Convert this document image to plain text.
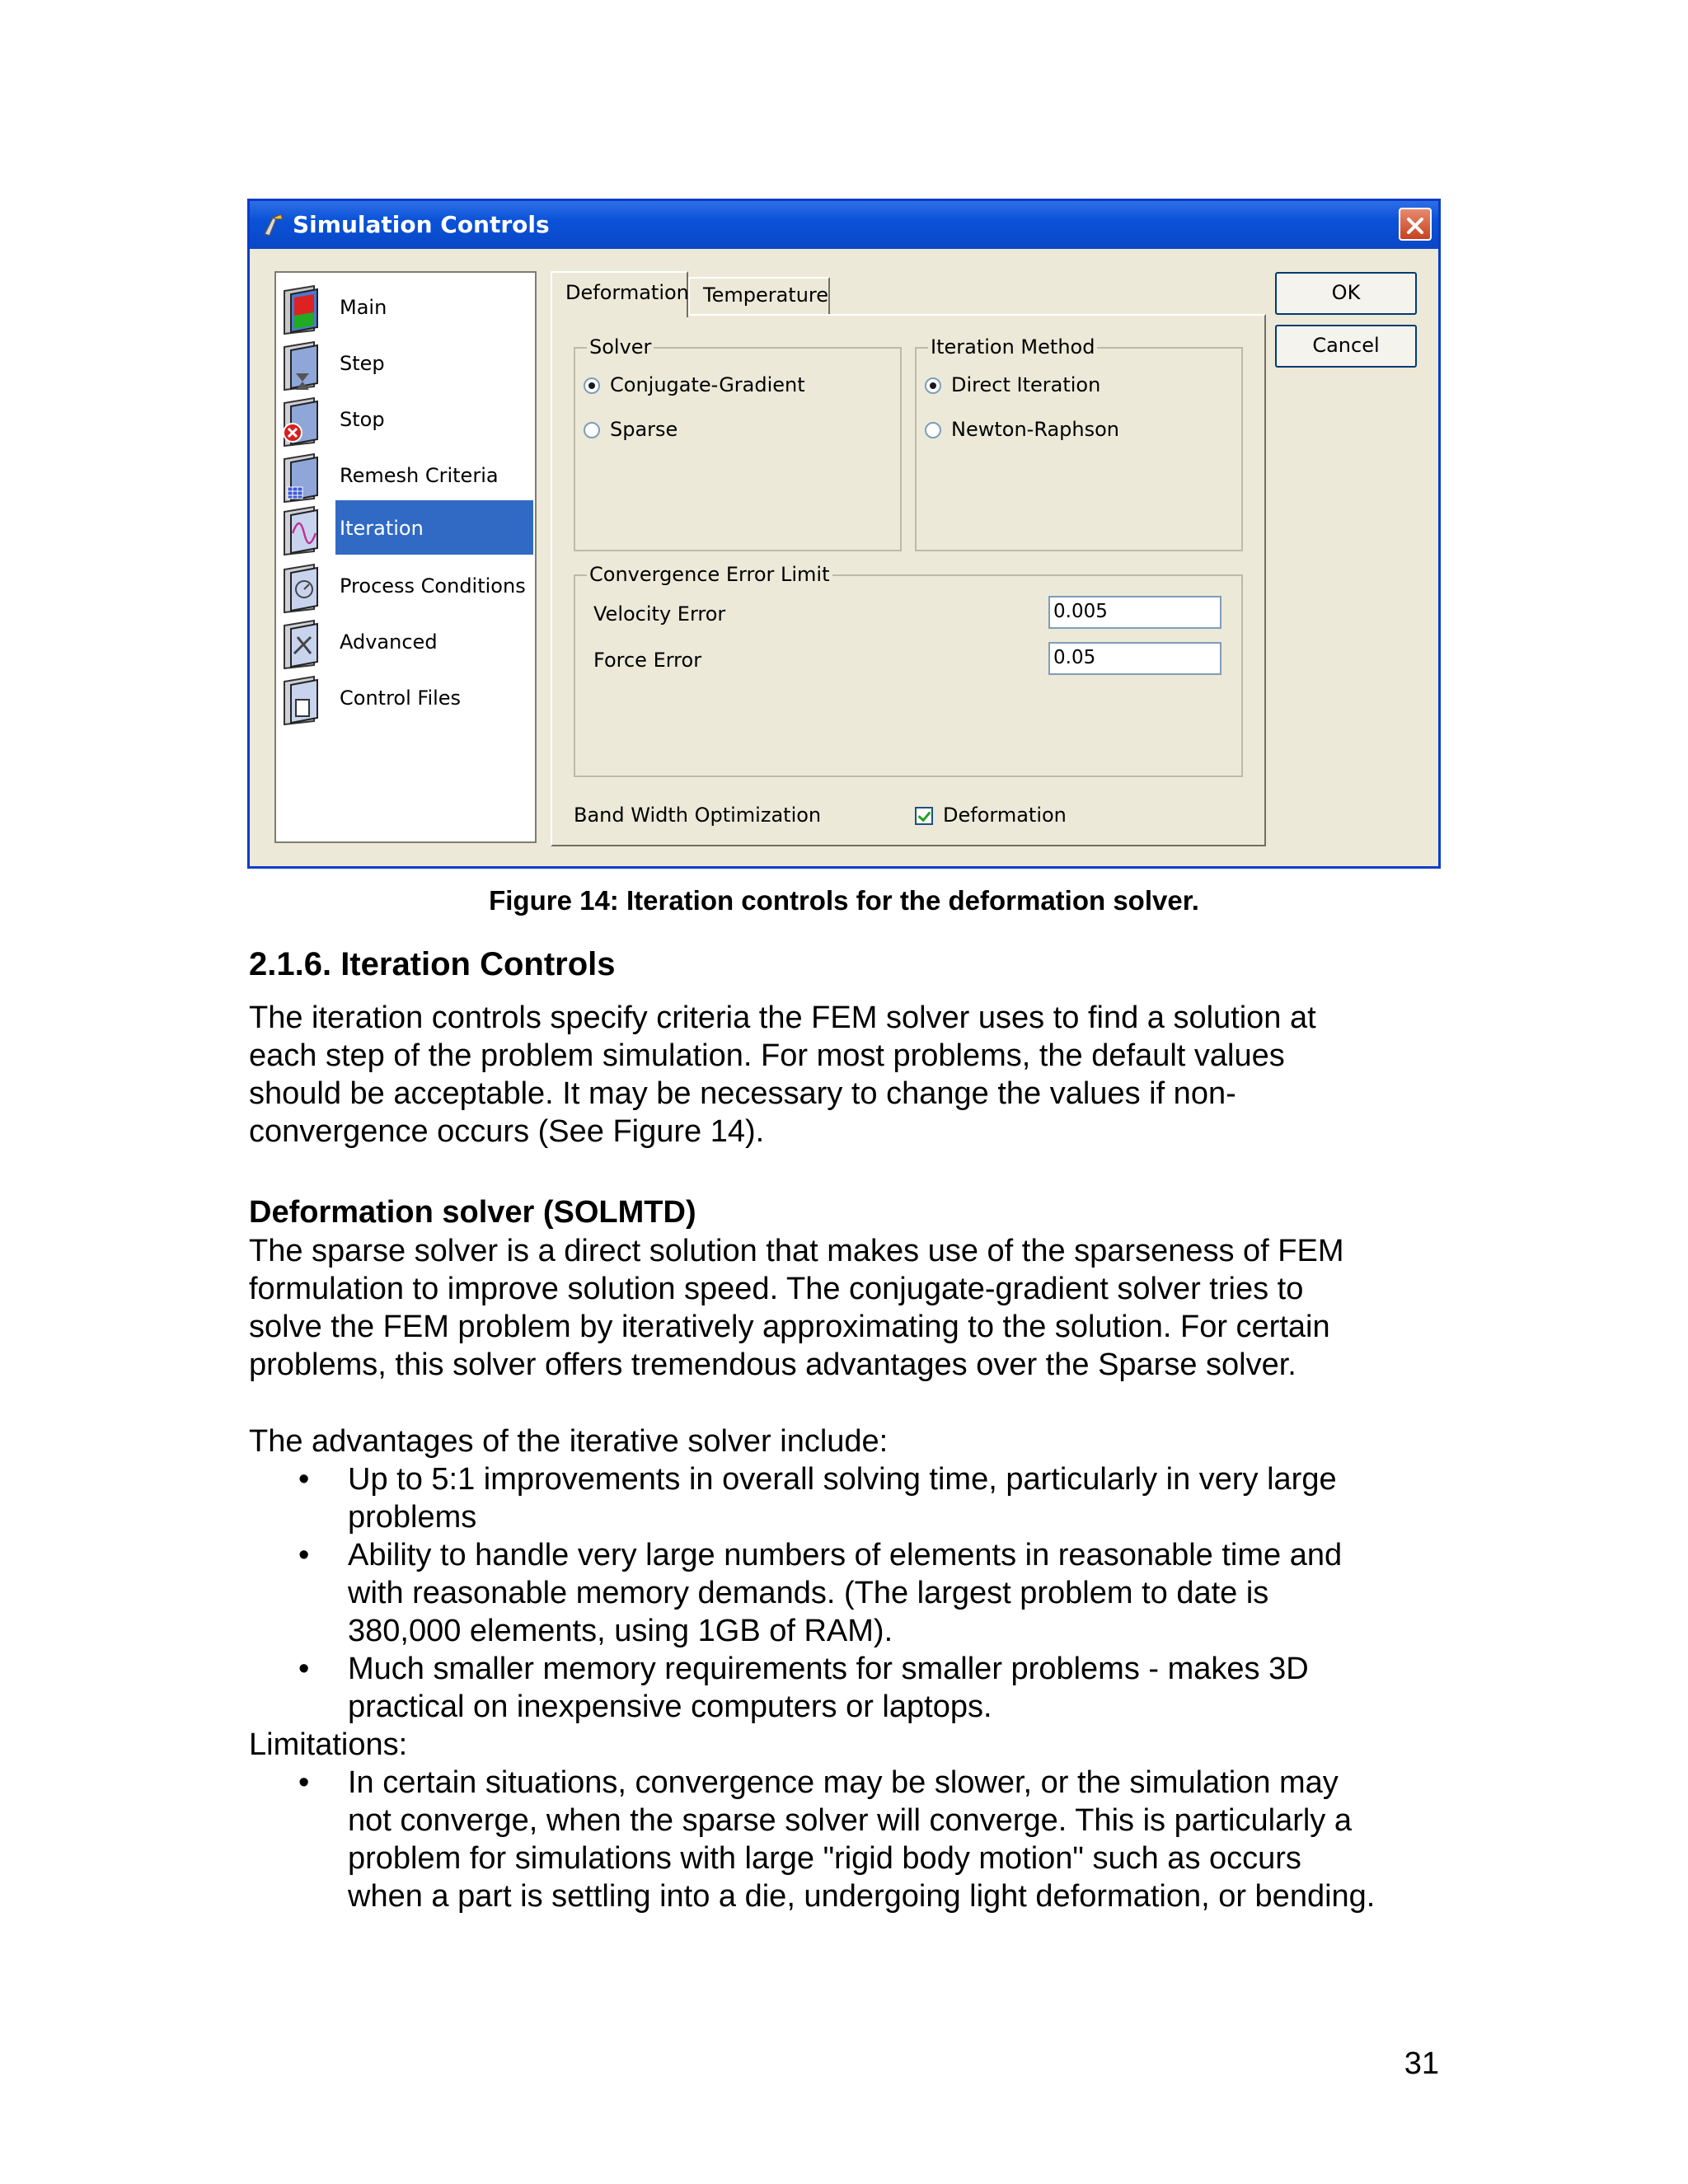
Simulation Controls
Main
Step
Stop
Remesh Criteria
Iteration
Process Conditions
Advanced
Control Files
Deformation Temperature
Solver
Conjugate-Gradient
Sparse
Iteration Method
Direct Iteration
Newton-Raphson
Convergence Error Limit
Velocity Error	0.005
Force Error	0.05
Band Width Optimization	Deformation
OK
Cancel
Figure 14: Iteration controls for the deformation solver.
2.1.6. Iteration Controls
The iteration controls specify criteria the FEM solver uses to find a solution at
each step of the problem simulation. For most problems, the default values
should be acceptable. It may be necessary to change the values if non-
convergence occurs (See Figure 14).
Deformation solver (SOLMTD)
The sparse solver is a direct solution that makes use of the sparseness of FEM
formulation to improve solution speed. The conjugate-gradient solver tries to
solve the FEM problem by iteratively approximating to the solution. For certain
problems, this solver offers tremendous advantages over the Sparse solver.
The advantages of the iterative solver include:
• Up to 5:1 improvements in overall solving time, particularly in very large
problems
• Ability to handle very large numbers of elements in reasonable time and
with reasonable memory demands. (The largest problem to date is
380,000 elements, using 1GB of RAM).
• Much smaller memory requirements for smaller problems - makes 3D
practical on inexpensive computers or laptops.
Limitations:
• In certain situations, convergence may be slower, or the simulation may
not converge, when the sparse solver will converge. This is particularly a
problem for simulations with large "rigid body motion" such as occurs
when a part is settling into a die, undergoing light deformation, or bending.
31
